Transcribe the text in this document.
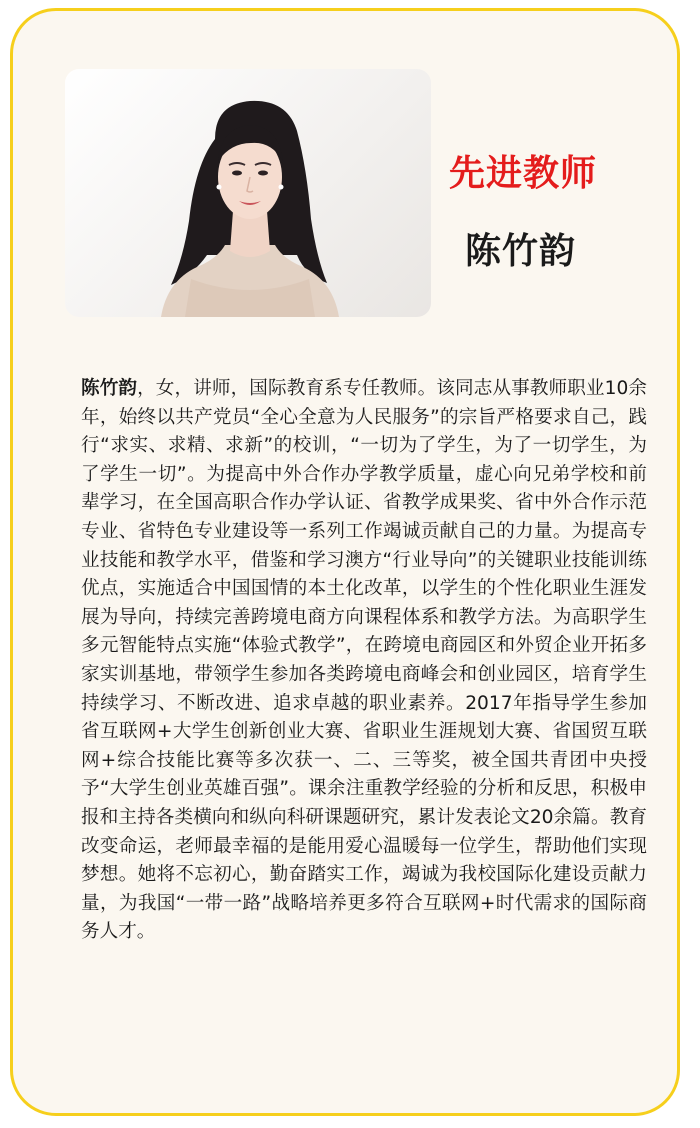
先进教师
陈竹韵
陈竹韵，女，讲师，国际教育系专任教师。该同志从事教师职业10余年，始终以共产党员“全心全意为人民服务”的宗旨严格要求自己，践行“求实、求精、求新”的校训，“一切为了学生，为了一切学生，为了学生一切”。为提高中外合作办学教学质量，虚心向兄弟学校和前辈学习，在全国高职合作办学认证、省教学成果奖、省中外合作示范专业、省特色专业建设等一系列工作竭诚贡献自己的力量。为提高专业技能和教学水平，借鉴和学习澳方“行业导向”的关键职业技能训练优点，实施适合中国国情的本土化改革，以学生的个性化职业生涯发展为导向，持续完善跨境电商方向课程体系和教学方法。为高职学生多元智能特点实施“体验式教学”，在跨境电商园区和外贸企业开拓多家实训基地，带领学生参加各类跨境电商峰会和创业园区，培育学生持续学习、不断改进、追求卓越的职业素养。2017年指导学生参加省互联网+大学生创新创业大赛、省职业生涯规划大赛、省国贸互联网+综合技能比赛等多次获一、二、三等奖，被全国共青团中央授予“大学生创业英雄百强”。课余注重教学经验的分析和反思，积极申报和主持各类横向和纵向科研课题研究，累计发表论文20余篇。教育改变命运，老师最幸福的是能用爱心温暖每一位学生，帮助他们实现梦想。她将不忘初心，勤奋踏实工作，竭诚为我校国际化建设贡献力量，为我国“一带一路”战略培养更多符合互联网+时代需求的国际商务人才。
